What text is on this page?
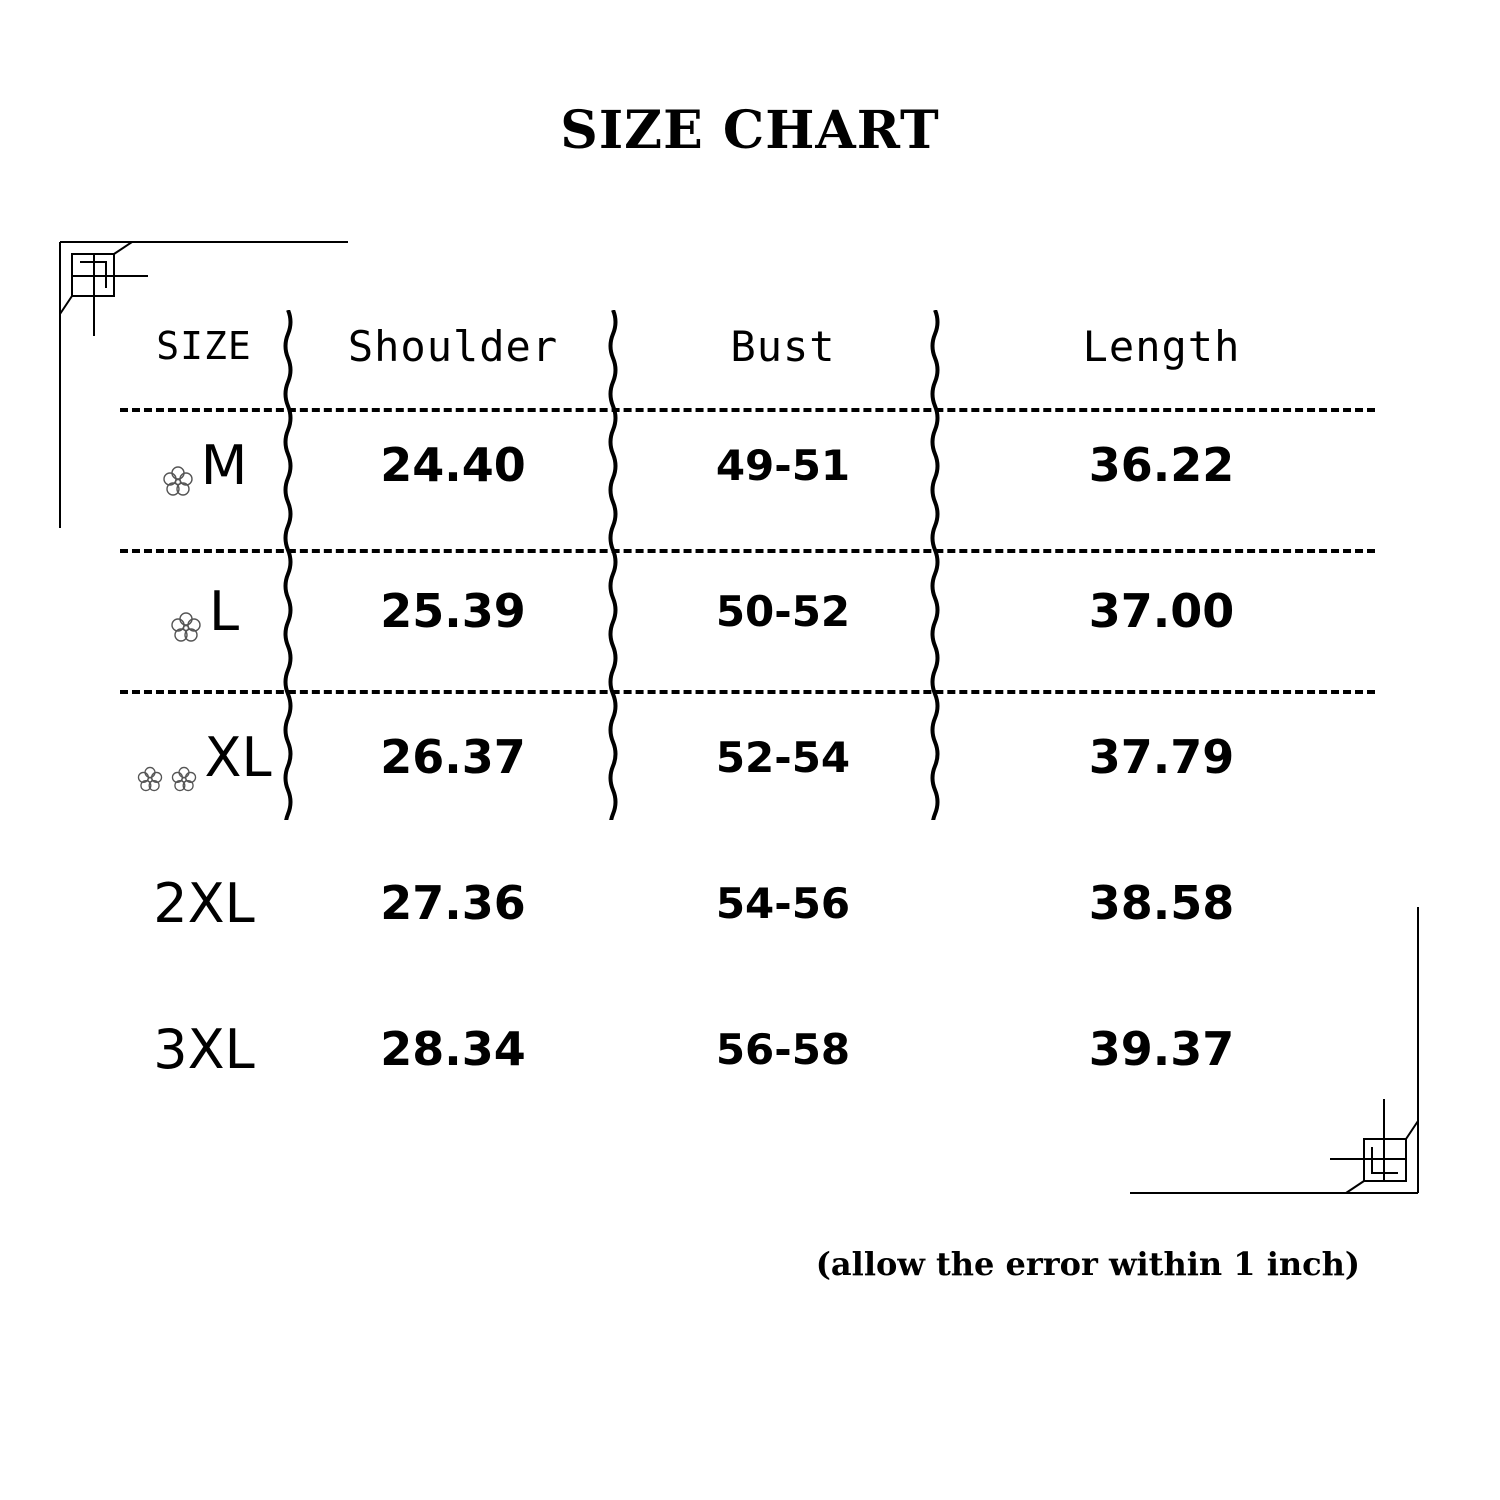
SIZE CHART
SIZE	Shoulder	Bust	Length
M	24.40	49-51	36.22
L	25.39	50-52	37.00
XL	26.37	52-54	37.79
2XL	27.36	54-56	38.58
3XL	28.34	56-58	39.37
(allow the error within 1 inch)
